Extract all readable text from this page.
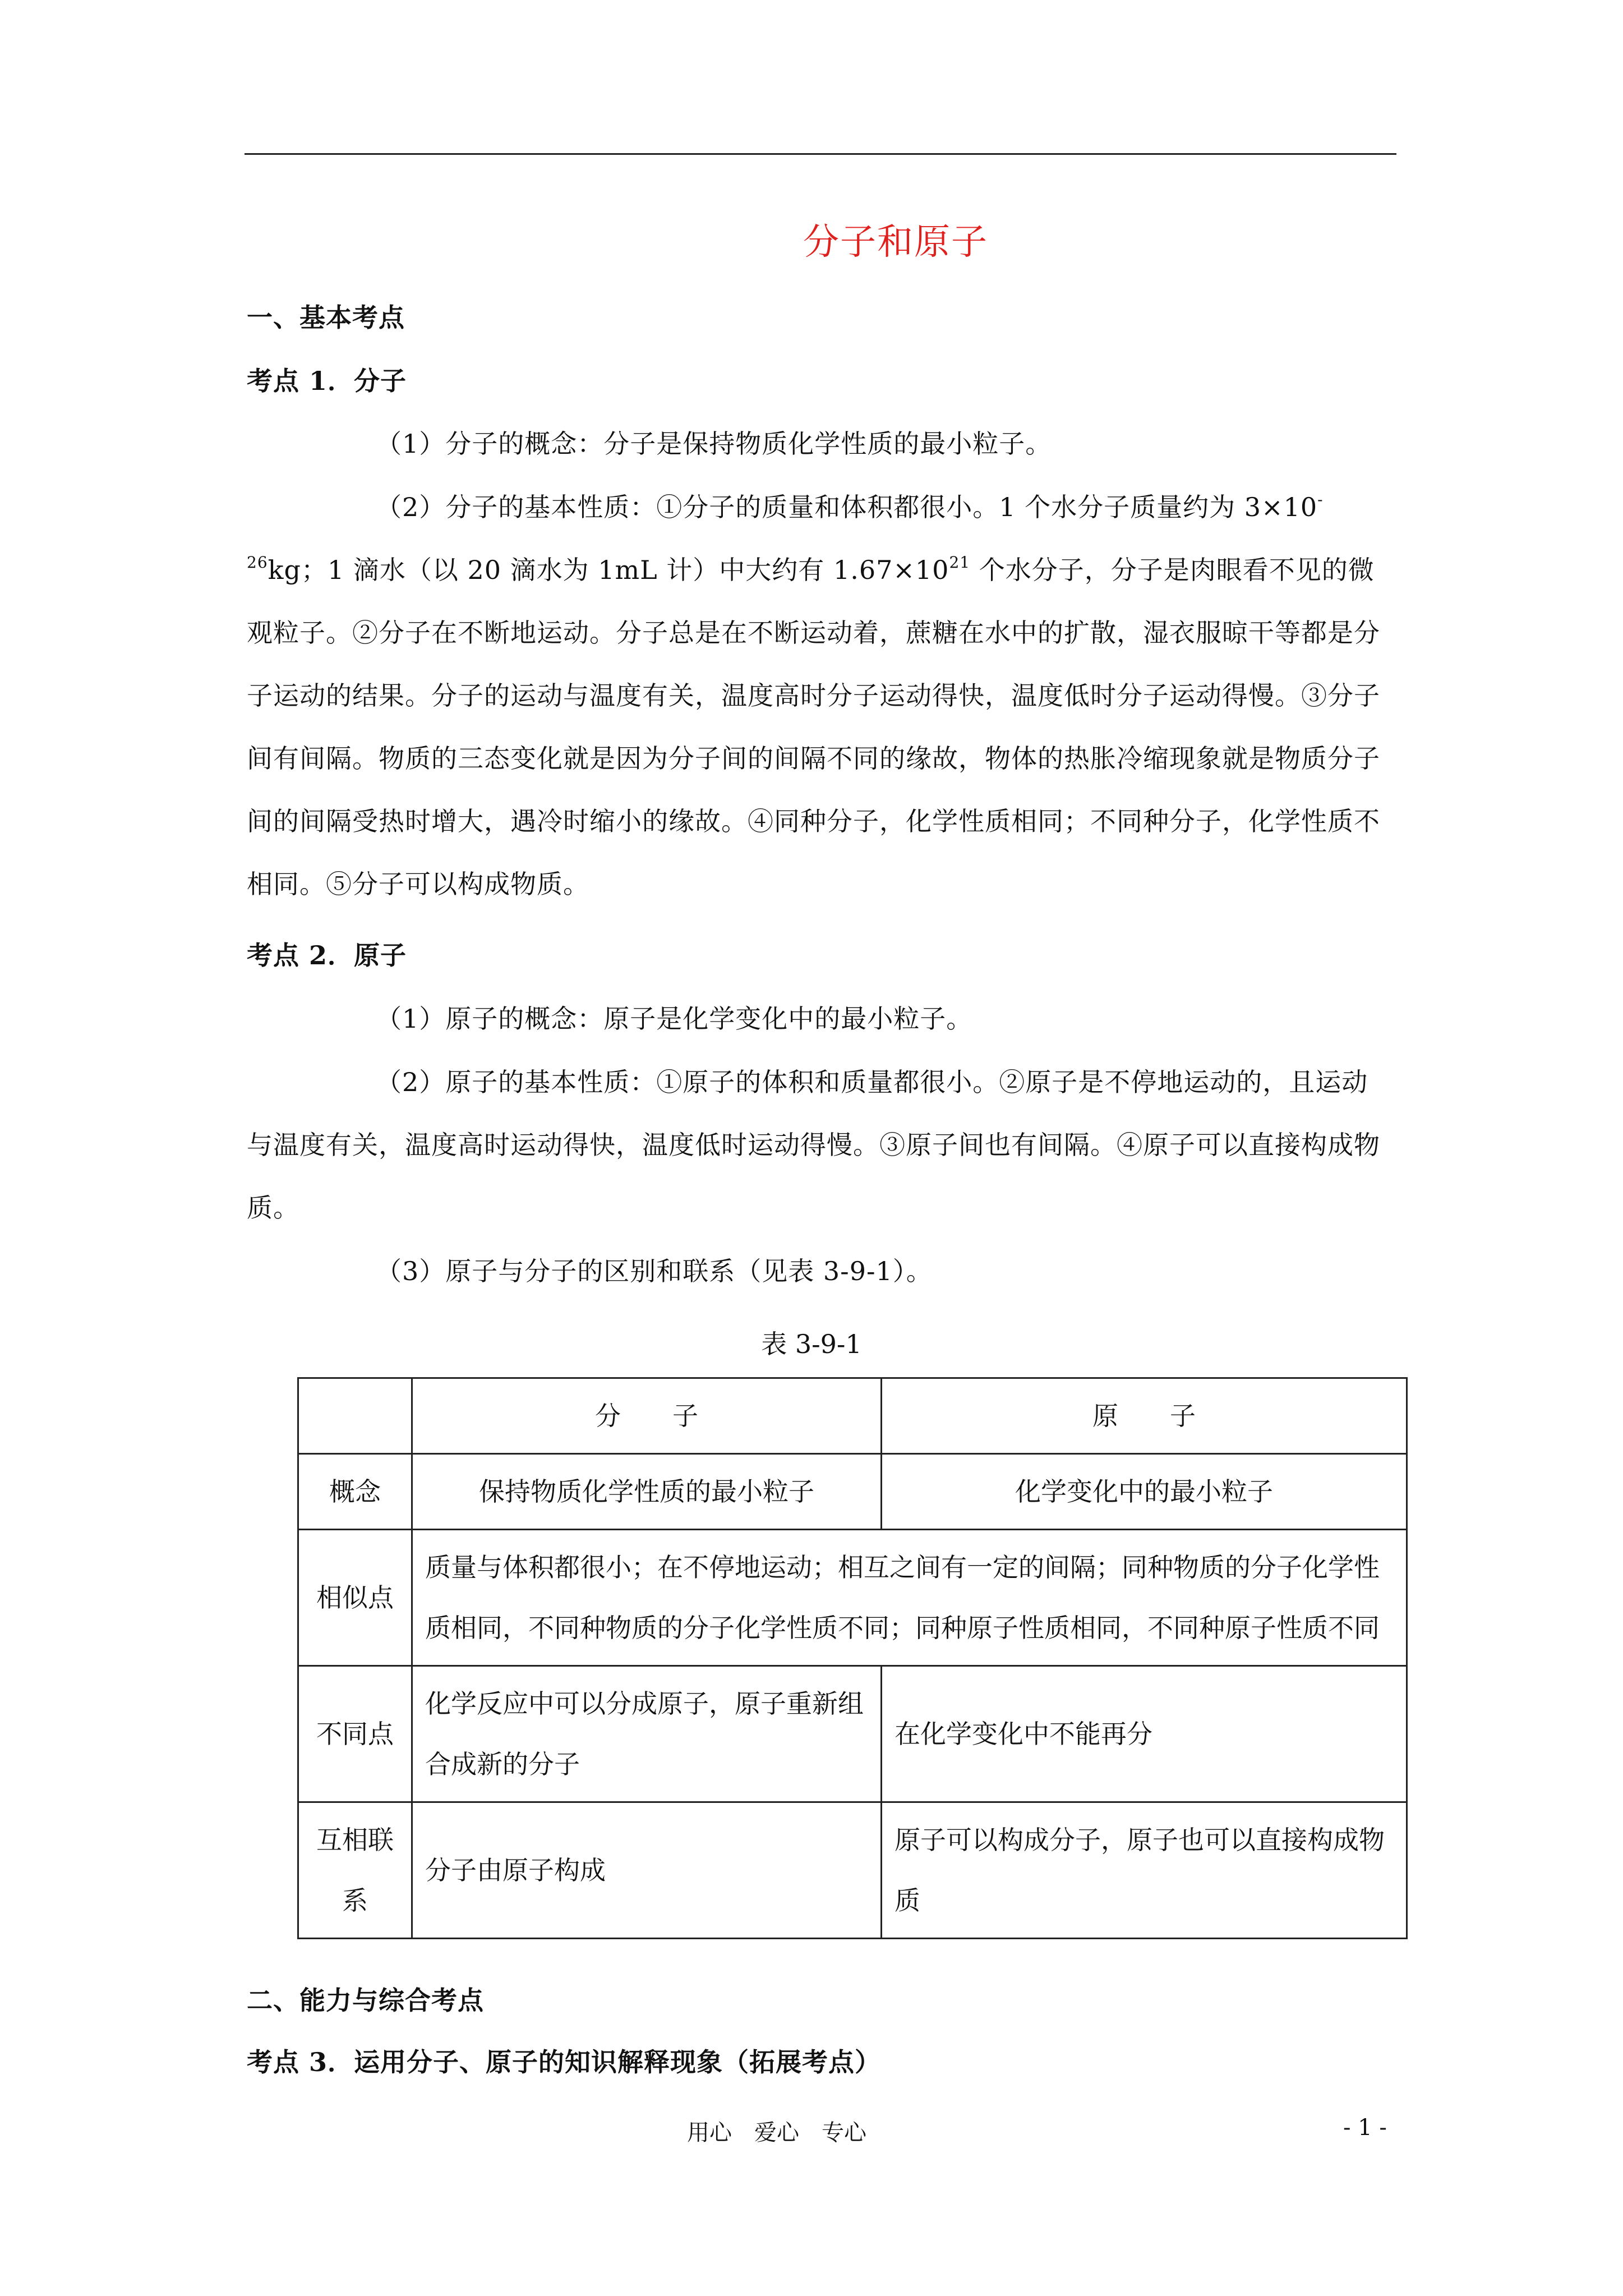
分子和原子
一、基本考点
考点 1．分子
（1）分子的概念：分子是保持物质化学性质的最小粒子。
（2）分子的基本性质：①分子的质量和体积都很小。1 个水分子质量约为 $3\times 10^{-26}kg$；1 滴水（以 20 滴水为 1mL 计）中大约有 $1.67\times 10^{21}$ 个水分子，分子是肉眼看不见的微观粒子。②分子在不断地运动。分子总是在不断运动着，蔗糖在水中的扩散，湿衣服晾干等都是分子运动的结果。分子的运动与温度有关，温度高时分子运动得快，温度低时分子运动得慢。③分子间有间隔。物质的三态变化就是因为分子间的间隔不同的缘故，物体的热胀冷缩现象就是物质分子间的间隔受热时增大，遇冷时缩小的缘故。④同种分子，化学性质相同；不同种分子，化学性质不相同。⑤分子可以构成物质。
考点 2．原子
（1）原子的概念：原子是化学变化中的最小粒子。
（2）原子的基本性质：①原子的体积和质量都很小。②原子是不停地运动的，且运动与温度有关，温度高时运动得快，温度低时运动得慢。③原子间也有间隔。④原子可以直接构成物质。
（3）原子与分子的区别和联系（见表 3-9-1）。
表 3-9-1
	分　　子	原　　子
概念	保持物质化学性质的最小粒子	化学变化中的最小粒子
相似点	质量与体积都很小；在不停地运动；相互之间有一定的间隔；同种物质的分子化学性质相同，不同种物质的分子化学性质不同；同种原子性质相同，不同种原子性质不同	
不同点	化学反应中可以分成原子，原子重新组合成新的分子	在化学变化中不能再分
互相联系	分子由原子构成	原子可以构成分子，原子也可以直接构成物质
二、能力与综合考点
考点 3．运用分子、原子的知识解释现象（拓展考点）
用心　爱心　专心	- 1 -
